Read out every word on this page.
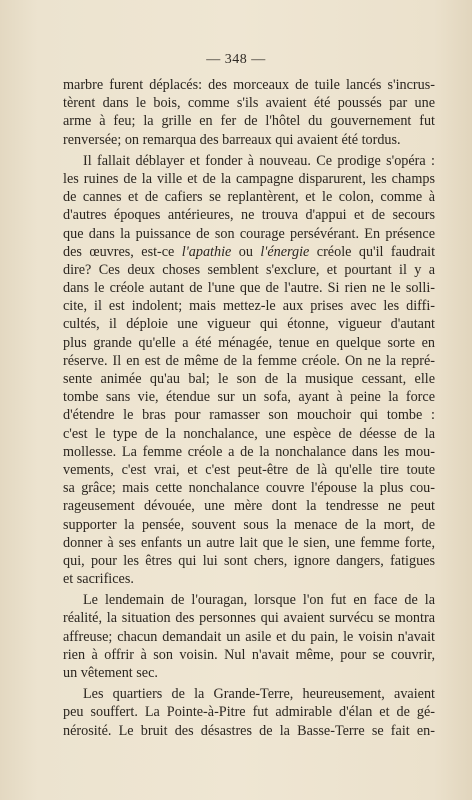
— 348 —
marbre furent déplacés: des morceaux de tuile lancés s'incrus-
tèrent dans le bois, comme s'ils avaient été poussés par une
arme à feu; la grille en fer de l'hôtel du gouvernement fut
renversée; on remarqua des barreaux qui avaient été tordus.
Il fallait déblayer et fonder à nouveau. Ce prodige s'opéra :
les ruines de la ville et de la campagne disparurent, les champs
de cannes et de cafiers se replantèrent, et le colon, comme à
d'autres époques antérieures, ne trouva d'appui et de secours
que dans la puissance de son courage persévérant. En présence
des œuvres, est-ce l'apathie ou l'énergie créole qu'il faudrait
dire? Ces deux choses semblent s'exclure, et pourtant il y a
dans le créole autant de l'une que de l'autre. Si rien ne le solli-
cite, il est indolent; mais mettez-le aux prises avec les diffi-
cultés, il déploie une vigueur qui étonne, vigueur d'autant
plus grande qu'elle a été ménagée, tenue en quelque sorte en
réserve. Il en est de même de la femme créole. On ne la repré-
sente animée qu'au bal; le son de la musique cessant, elle
tombe sans vie, étendue sur un sofa, ayant à peine la force
d'étendre le bras pour ramasser son mouchoir qui tombe :
c'est le type de la nonchalance, une espèce de déesse de la
mollesse. La femme créole a de la nonchalance dans les mou-
vements, c'est vrai, et c'est peut-être de là qu'elle tire toute
sa grâce; mais cette nonchalance couvre l'épouse la plus cou-
rageusement dévouée, une mère dont la tendresse ne peut
supporter la pensée, souvent sous la menace de la mort, de
donner à ses enfants un autre lait que le sien, une femme forte,
qui, pour les êtres qui lui sont chers, ignore dangers, fatigues
et sacrifices.
Le lendemain de l'ouragan, lorsque l'on fut en face de la
réalité, la situation des personnes qui avaient survécu se montra
affreuse; chacun demandait un asile et du pain, le voisin n'avait
rien à offrir à son voisin. Nul n'avait même, pour se couvrir,
un vêtement sec.
Les quartiers de la Grande-Terre, heureusement, avaient
peu souffert. La Pointe-à-Pitre fut admirable d'élan et de gé-
nérosité. Le bruit des désastres de la Basse-Terre se fait en-
